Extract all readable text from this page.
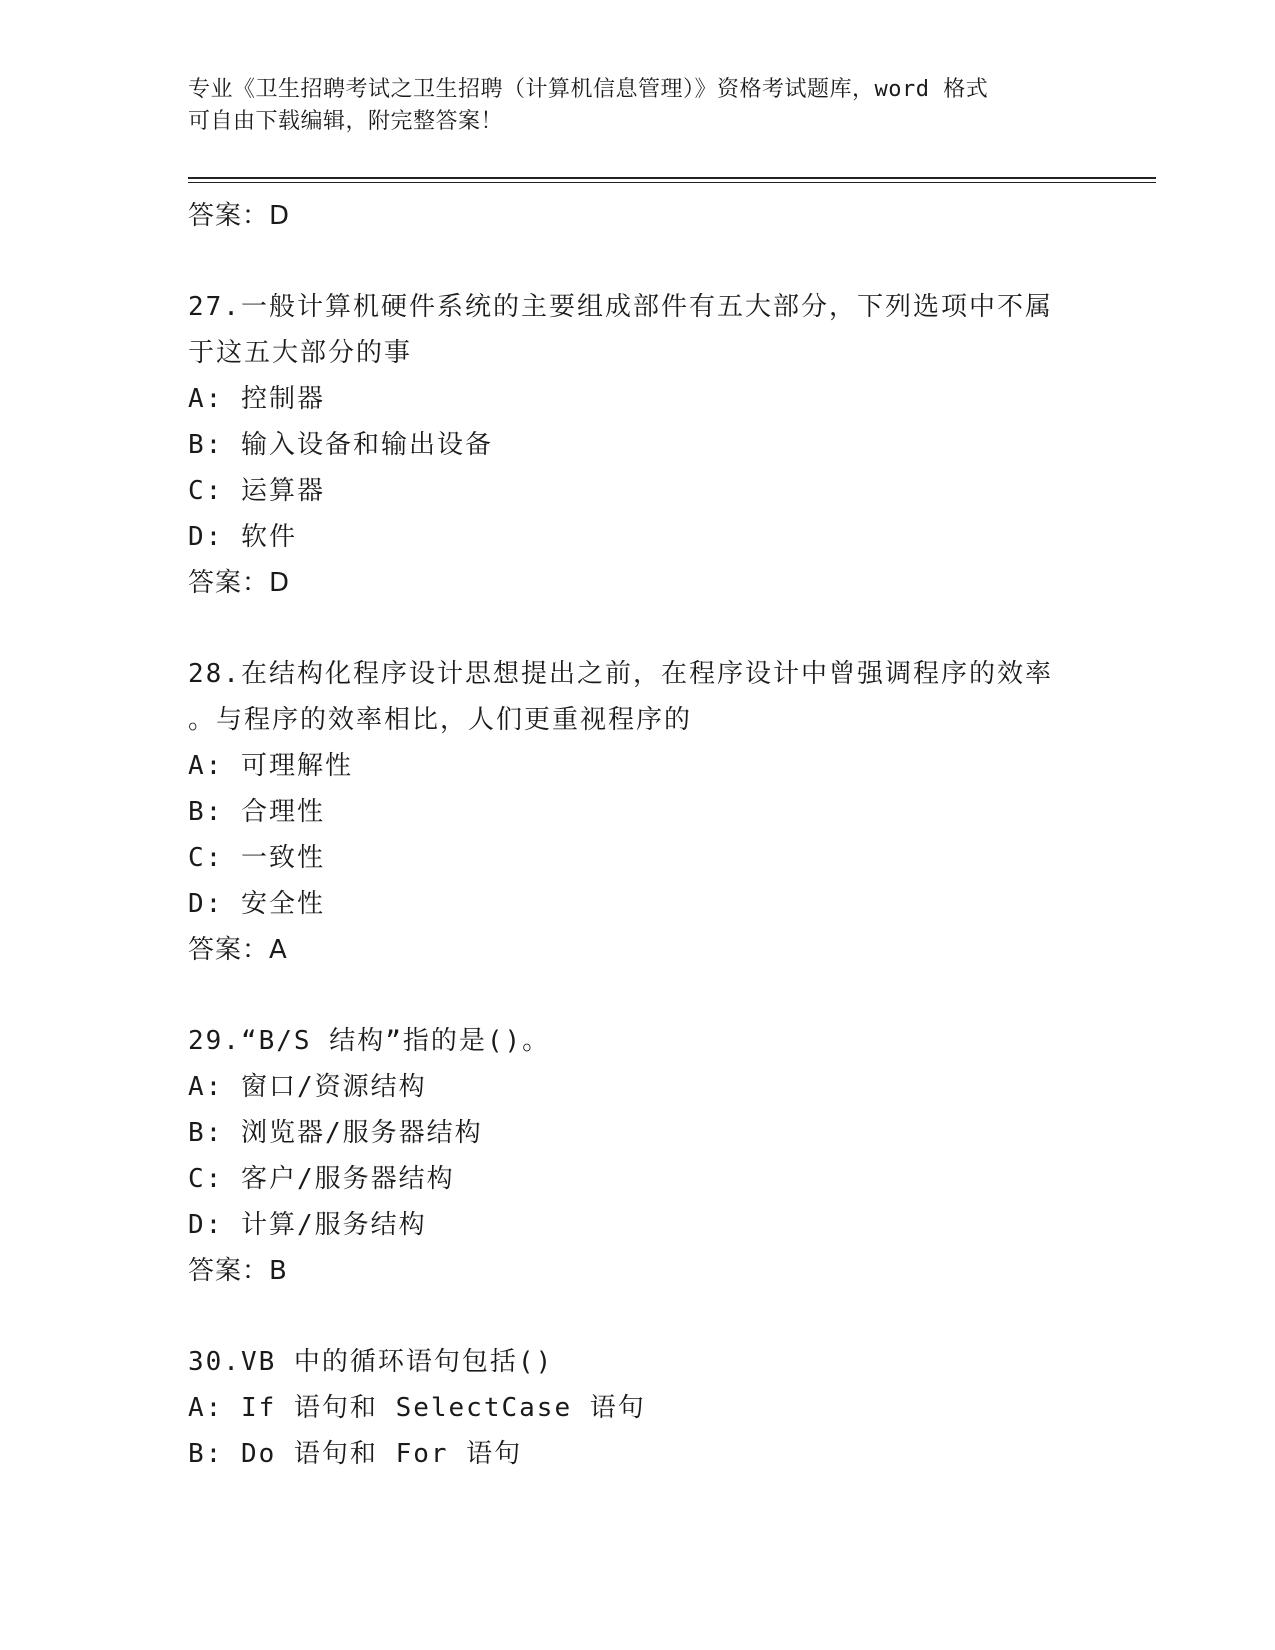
专业《卫生招聘考试之卫生招聘（计算机信息管理）》资格考试题库，word 格式
可自由下载编辑，附完整答案！
答案：D
27.一般计算机硬件系统的主要组成部件有五大部分，下列选项中不属
于这五大部分的事
A: 控制器
B: 输入设备和输出设备
C: 运算器
D: 软件
答案：D
28.在结构化程序设计思想提出之前，在程序设计中曾强调程序的效率
。与程序的效率相比，人们更重视程序的
A: 可理解性
B: 合理性
C: 一致性
D: 安全性
答案：A
29.“B/S 结构”指的是()。
A: 窗口/资源结构
B: 浏览器/服务器结构
C: 客户/服务器结构
D: 计算/服务结构
答案：B
30.VB 中的循环语句包括()
A: If 语句和 SelectCase 语句
B: Do 语句和 For 语句
